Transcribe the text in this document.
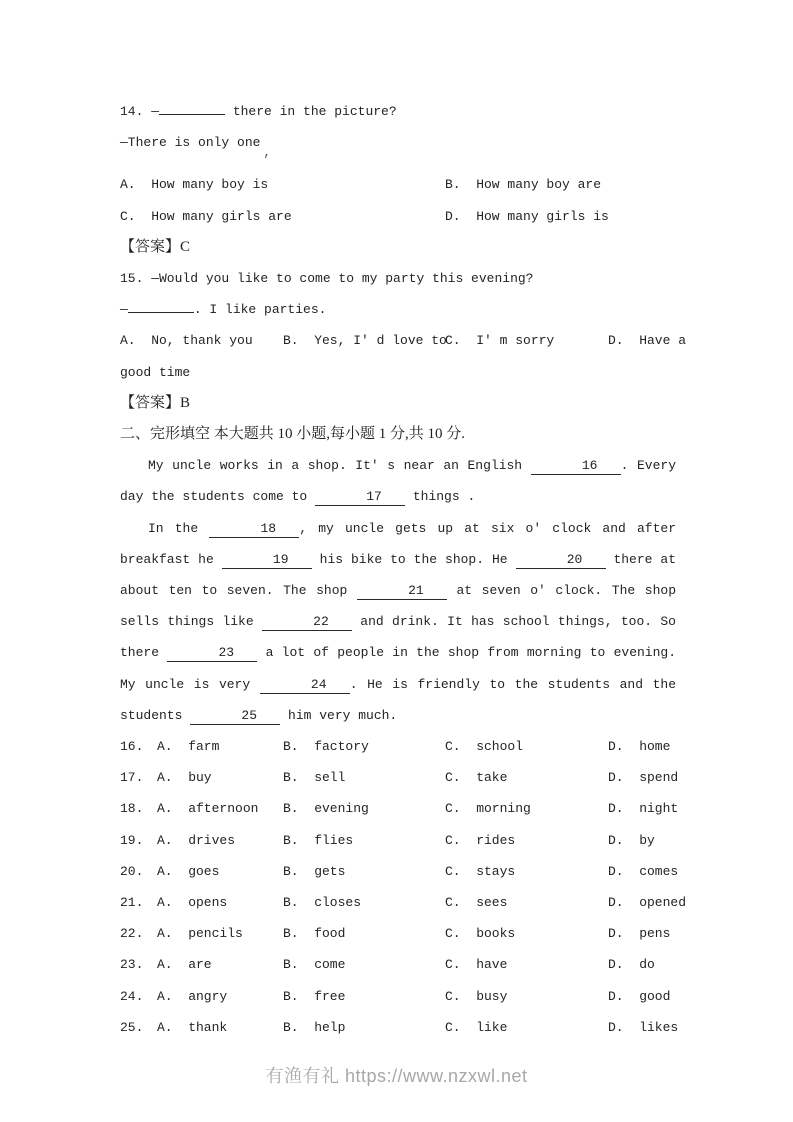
14. —	there in the picture?
—There is only one,
A.  How many boy is	B.  How many boy are
C.  How many girls are	D.  How many girls is
【答案】C
15. —Would you like to come to my party this evening?
—	. I like parties.
A.  No, thank you	B.  Yes, I' d love to
C.  I' m sorry	D.  Have a
good time
【答案】B
二、完形填空 本大题共 10 小题,每小题 1 分,共 10 分.

My uncle works in a shop. It' s near an English	16 . Every day the students come to	17 things .

In the	18 , my uncle gets up at six o' clock and after breakfast he	19 his bike to the shop. He	20 there at about ten to seven. The shop	21 at seven o' clock. The shop sells things like	22 and drink. It has school things, too. So there	23 a lot of people in the shop from morning to evening. My uncle is very	24 . He is friendly to the students and the students	25 him very much.

16. A.  farm	B.  factory	C.  school	D.  home
17. A.  buy	B.  sell	C.  take	D.  spend
18. A.  afternoon	B.  evening	C.  morning	D.  night
19. A.  drives	B.  flies	C.  rides	D.  by
20. A.  goes	B.  gets	C.  stays	D.  comes
21. A.  opens	B.  closes	C.  sees	D.  opened
22. A.  pencils	B.  food	C.  books	D.  pens
23. A.  are	B.  come	C.  have	D.  do
24. A.  angry	B.  free	C.  busy	D.  good
25. A.  thank	B.  help	C.  like	D.  likes
有渔有礼 https://www.nzxwl.net
